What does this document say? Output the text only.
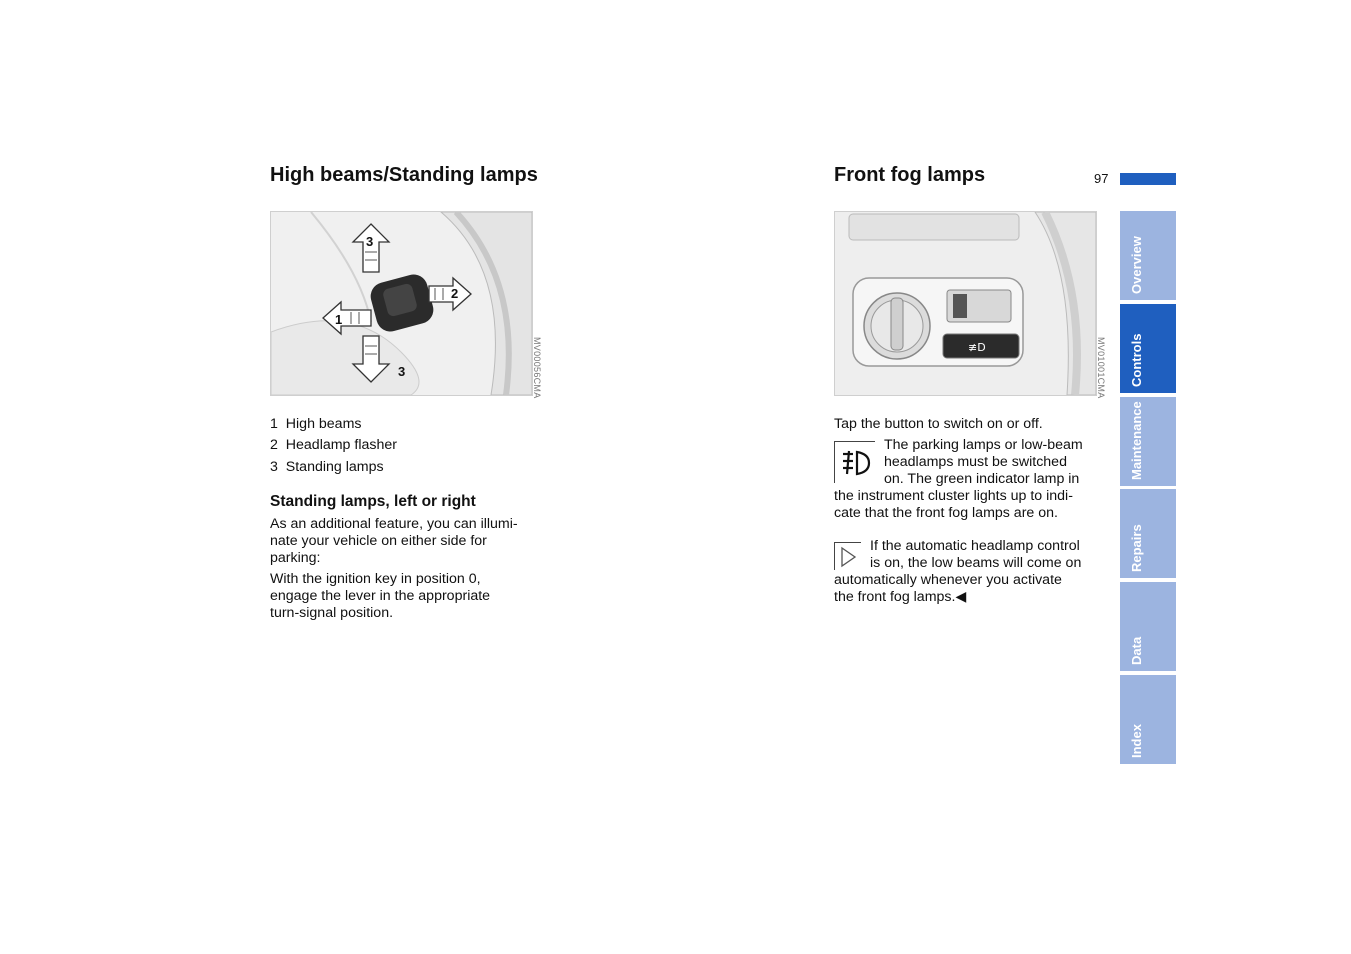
High beams/Standing lamps
3
3
1
2
MV00056CMA
1 High beams
2 Headlamp flasher
3 Standing lamps
Standing lamps, left or right
As an additional feature, you can illumi-
nate your vehicle on either side for
parking:
With the ignition key in position 0,
engage the lever in the appropriate
turn-signal position.
Front fog lamps	97
≢D	MV01001CMA
Tap the button to switch on or off.
The parking lamps or low-beam
headlamps must be switched
on. The green indicator lamp in
the instrument cluster lights up to indi-
cate that the front fog lamps are on.
If the automatic headlamp control
is on, the low beams will come on
automatically whenever you activate
the front fog lamps.◀
Overview
Controls
Maintenance
Repairs
Data
Index
